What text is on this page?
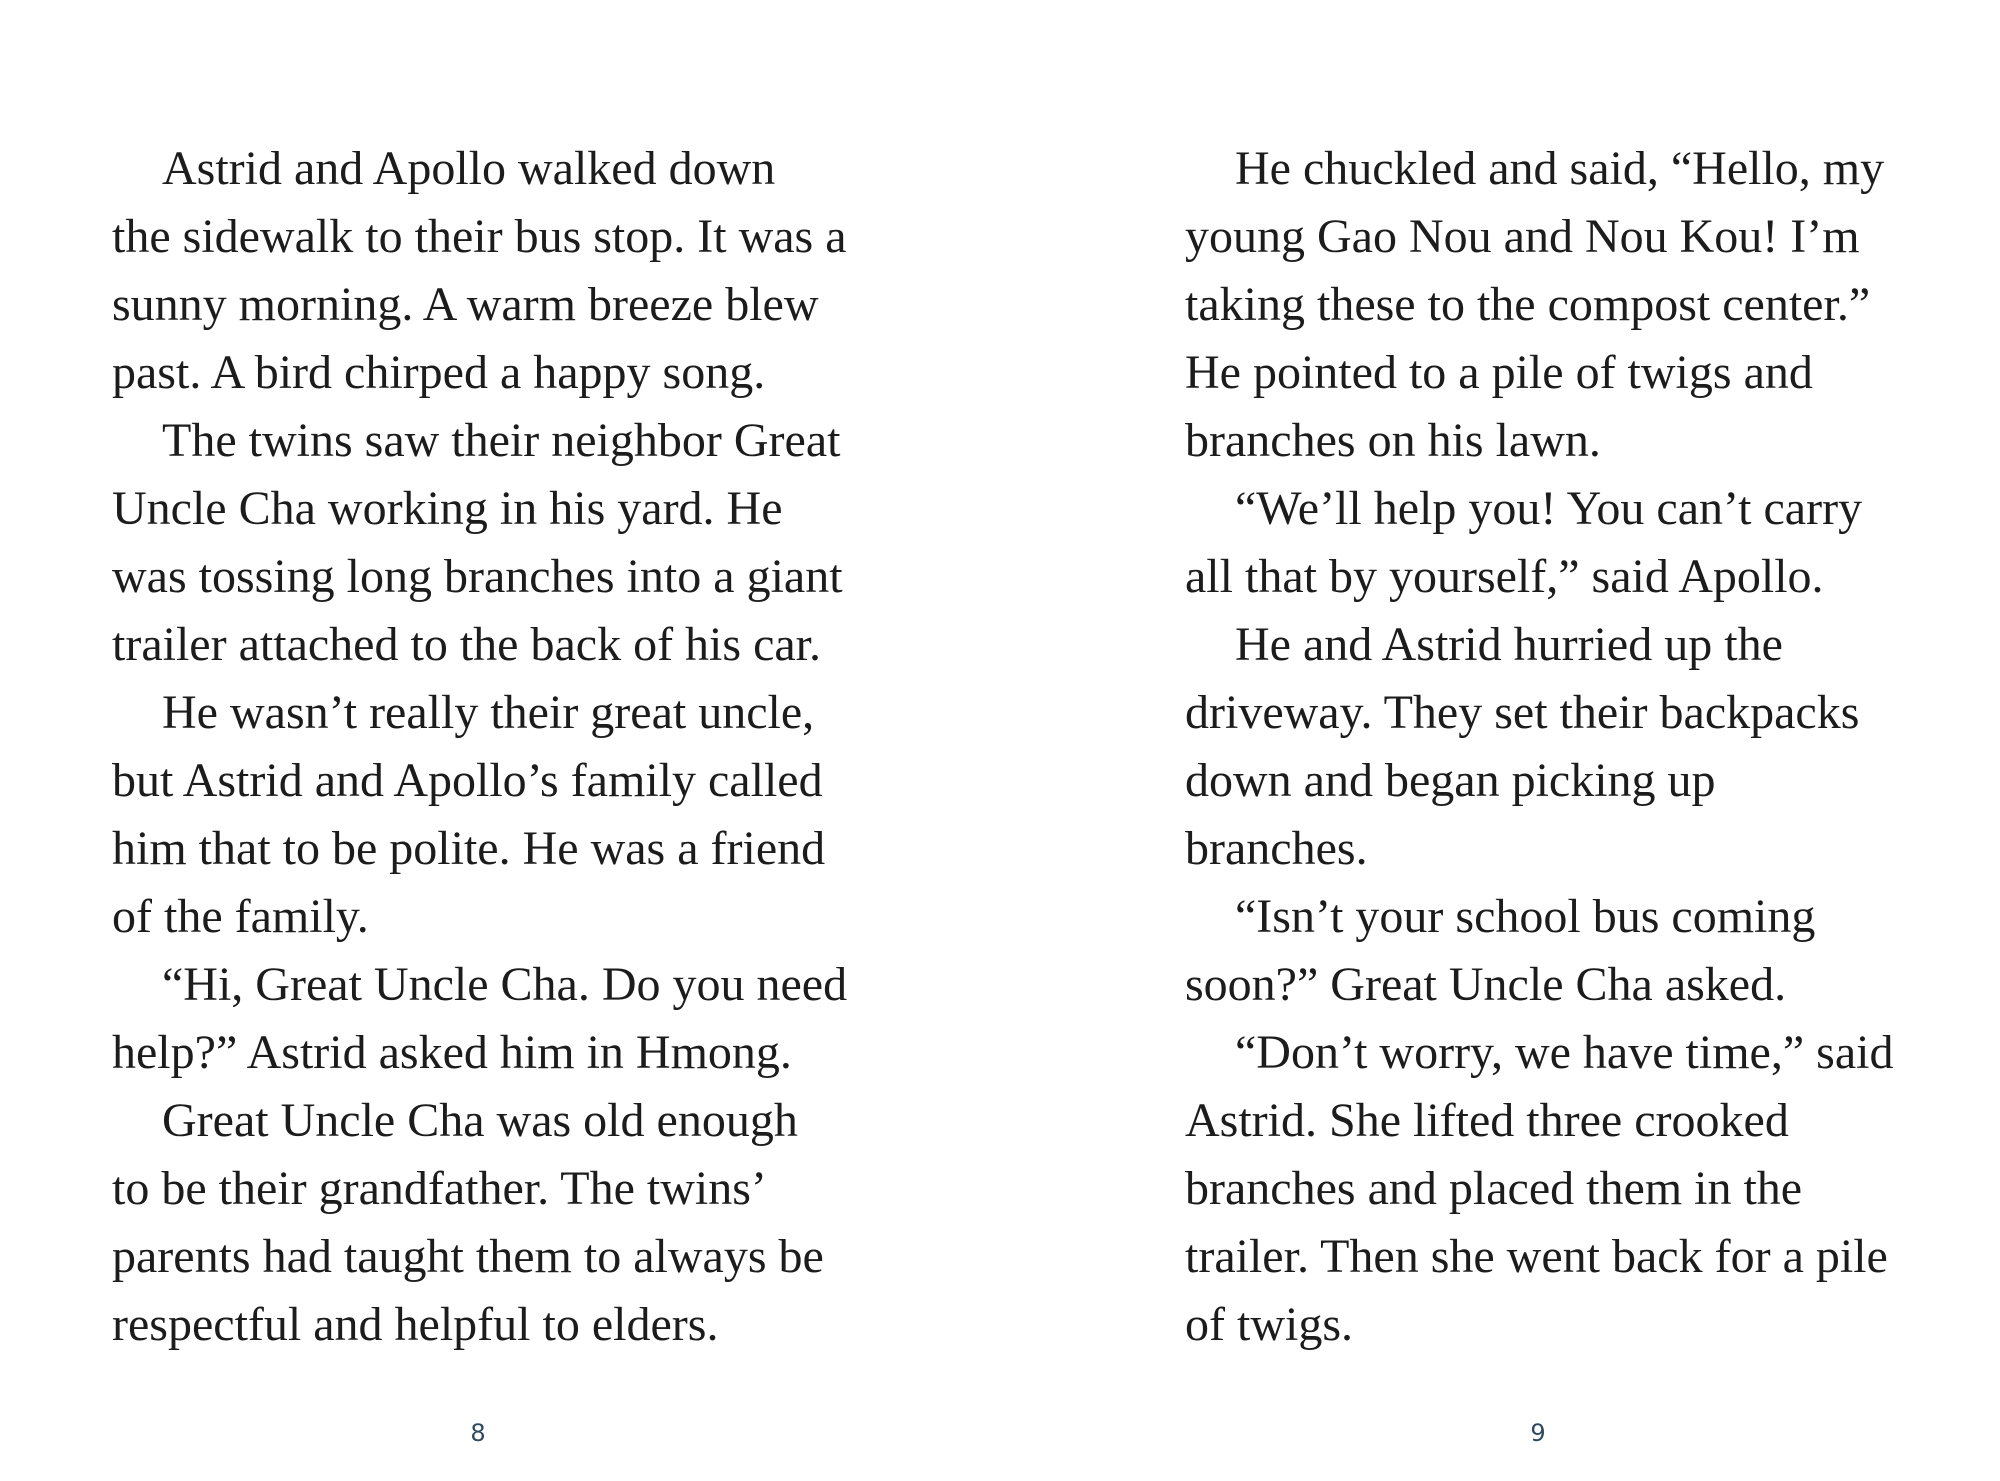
Astrid and Apollo walked down
the sidewalk to their bus stop. It was a
sunny morning. A warm breeze blew
past. A bird chirped a happy song.
The twins saw their neighbor Great
Uncle Cha working in his yard. He
was tossing long branches into a giant
trailer attached to the back of his car.
He wasn’t really their great uncle,
but Astrid and Apollo’s family called
him that to be polite. He was a friend
of the family.
“Hi, Great Uncle Cha. Do you need
help?” Astrid asked him in Hmong.
Great Uncle Cha was old enough
to be their grandfather. The twins’
parents had taught them to always be
respectful and helpful to elders.
8
He chuckled and said, “Hello, my
young Gao Nou and Nou Kou! I’m
taking these to the compost center.”
He pointed to a pile of twigs and
branches on his lawn.
“We’ll help you! You can’t carry
all that by yourself,” said Apollo.
He and Astrid hurried up the
driveway. They set their backpacks
down and began picking up
branches.
“Isn’t your school bus coming
soon?” Great Uncle Cha asked.
“Don’t worry, we have time,” said
Astrid. She lifted three crooked
branches and placed them in the
trailer. Then she went back for a pile
of twigs.
9
